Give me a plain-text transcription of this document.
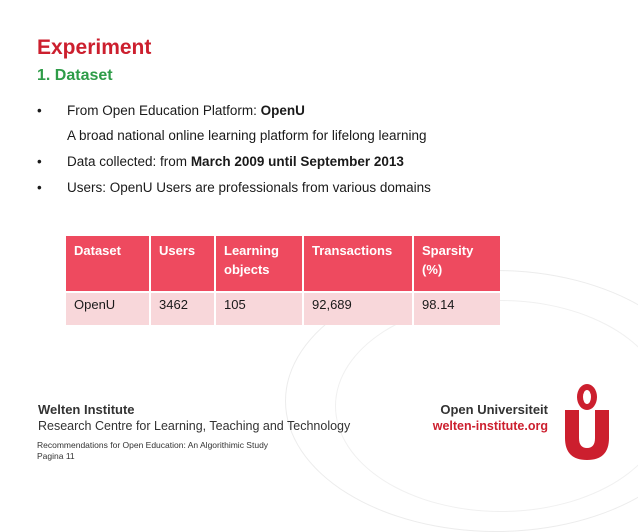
Experiment
1. Dataset
•	From Open Education Platform: OpenU
A broad national online learning platform for lifelong learning
•	Data collected: from March 2009 until September 2013
•	Users: OpenU Users are professionals from various domains
Dataset	Users	Learning objects	Transactions	Sparsity (%)
OpenU	3462	105	92,689	98.14
Welten Institute
Research Centre for Learning, Teaching and Technology
Open Universiteit
welten-institute.org
Recommendations for Open Education: An Algorithimic Study
Pagina 11
